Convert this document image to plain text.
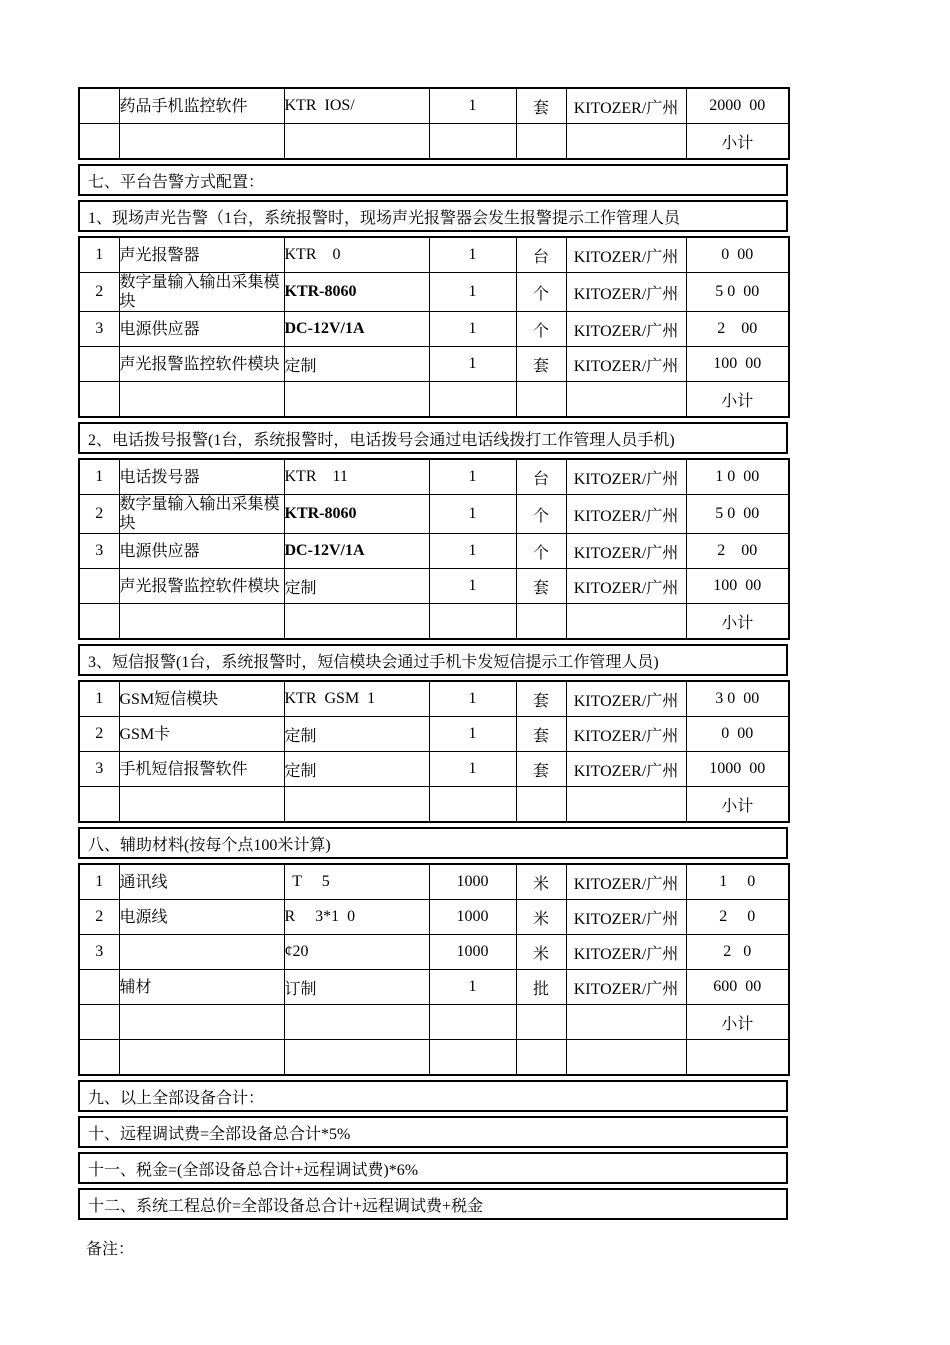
	药品手机监控软件	KTR  IOS/	1	套	KITOZER/广州	2000  00
						小计
七、平台告警方式配置：
1、现场声光告警（1台，系统报警时，现场声光报警器会发生报警提示工作管理人员
1	声光报警器	KTR    0	1	台	KITOZER/广州	0  00
2	数字量输入输出采集模块	KTR-8060	1	个	KITOZER/广州	5 0  00
3	电源供应器	DC-12V/1A	1	个	KITOZER/广州	2    00
	声光报警监控软件模块	定制	1	套	KITOZER/广州	100  00
						小计
2、电话拨号报警(1台，系统报警时，电话拨号会通过电话线拨打工作管理人员手机)
1	电话拨号器	KTR    11	1	台	KITOZER/广州	1 0  00
2	数字量输入输出采集模块	KTR-8060	1	个	KITOZER/广州	5 0  00
3	电源供应器	DC-12V/1A	1	个	KITOZER/广州	2    00
	声光报警监控软件模块	定制	1	套	KITOZER/广州	100  00
						小计
3、短信报警(1台，系统报警时，短信模块会通过手机卡发短信提示工作管理人员)
1	GSM短信模块	KTR  GSM  1	1	套	KITOZER/广州	3 0  00
2	GSM卡	定制	1	套	KITOZER/广州	0  00
3	手机短信报警软件	定制	1	套	KITOZER/广州	1000  00
						小计
八、辅助材料(按每个点100米计算)
1	通讯线	T     5	1000	米	KITOZER/广州	1     0
2	电源线	R     3*1  0	1000	米	KITOZER/广州	2     0
3		¢20	1000	米	KITOZER/广州	2   0
	辅材	订制	1	批	KITOZER/广州	600  00
						小计

九、以上全部设备合计：
十、远程调试费=全部设备总合计*5%
十一、税金=(全部设备总合计+远程调试费)*6%
十二、系统工程总价=全部设备总合计+远程调试费+税金
备注：
